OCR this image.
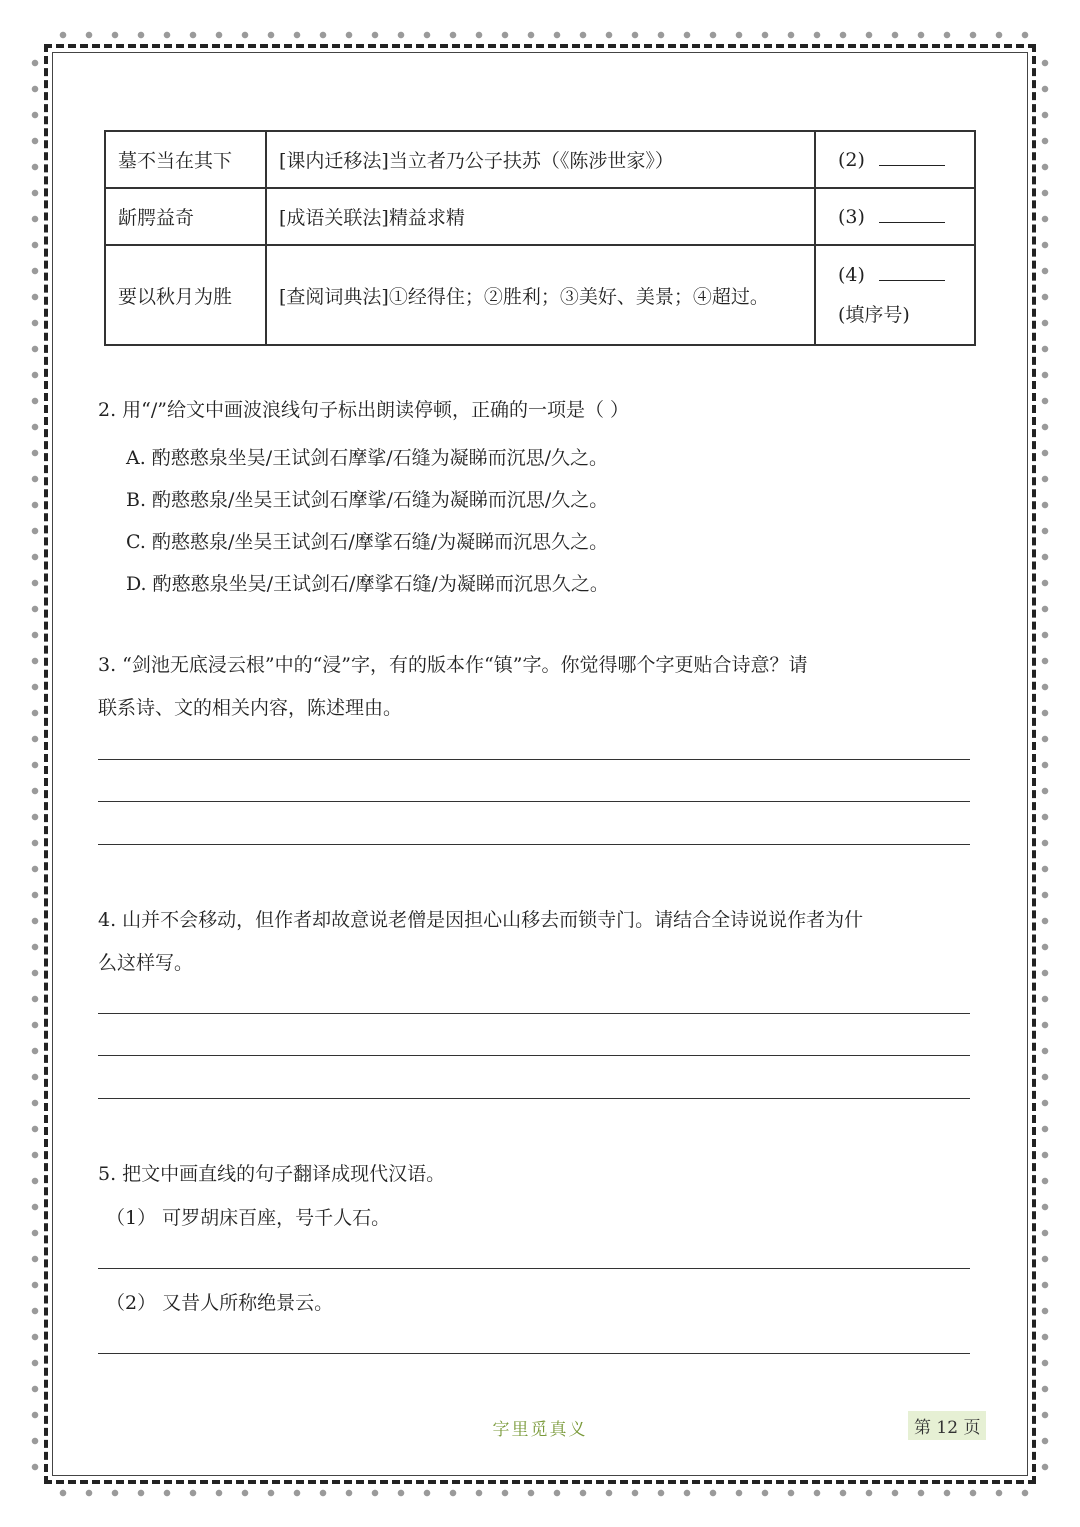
墓不当在其下	[课内迁移法]当立者乃公子扶苏（《陈涉世家》）	(2)
龂腭益奇	[成语关联法]精益求精	(3)
要以秋月为胜	[查阅词典法]①经得住；②胜利；③美好、美景；④超过。	(4)
(填序号)
2. 用“/”给文中画波浪线句子标出朗读停顿，正确的一项是（ ）
A. 酌憨憨泉坐吴/王试剑石摩挲/石缝为凝睇而沉思/久之。
B. 酌憨憨泉/坐吴王试剑石摩挲/石缝为凝睇而沉思/久之。
C. 酌憨憨泉/坐吴王试剑石/摩挲石缝/为凝睇而沉思久之。
D. 酌憨憨泉坐吴/王试剑石/摩挲石缝/为凝睇而沉思久之。
3. “剑池无底浸云根”中的“浸”字，有的版本作“镇”字。你觉得哪个字更贴合诗意？请
联系诗、文的相关内容，陈述理由。
4. 山并不会移动，但作者却故意说老僧是因担心山移去而锁寺门。请结合全诗说说作者为什
么这样写。
5. 把文中画直线的句子翻译成现代汉语。
（1） 可罗胡床百座，号千人石。
（2） 又昔人所称绝景云。
字里觅真义	第 12 页
